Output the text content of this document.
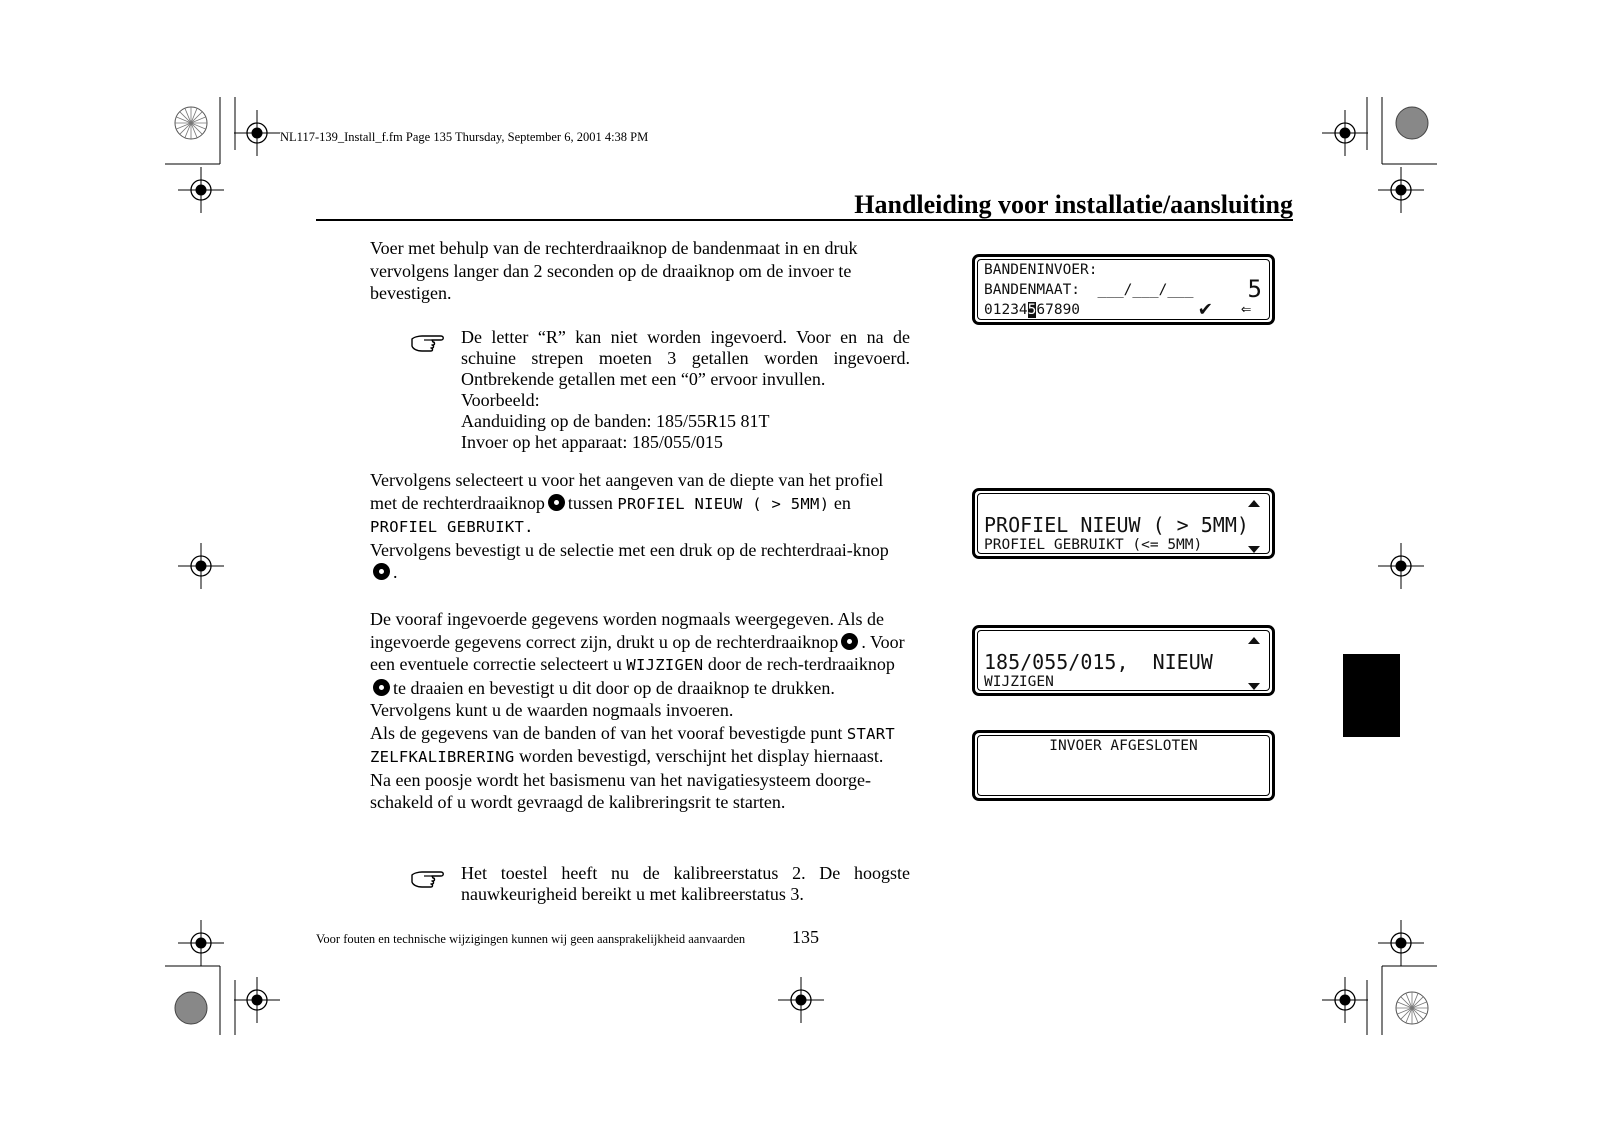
NL117-139_Install_f.fm Page 135 Thursday, September 6, 2001 4:38 PM
Handleiding voor installatie/aansluiting
Voer met behulp van de rechterdraaiknop de bandenmaat in en druk vervolgens langer dan 2 seconden op de draaiknop om de invoer te bevestigen.
De letter “R” kan niet worden ingevoerd. Voor en na de
schuine strepen moeten 3 getallen worden ingevoerd.
Ontbrekende getallen met een “0” ervoor invullen.
Voorbeeld:
Aanduiding op de banden: 185/55R15 81T
Invoer op het apparaat: 185/055/015
Vervolgens selecteert u voor het aangeven van de diepte van het profiel met de rechterdraaiknop tussen PROFIEL NIEUW ( > 5MM) en PROFIEL GEBRUIKT.
Vervolgens bevestigt u de selectie met een druk op de rechterdraai-knop.
De vooraf ingevoerde gegevens worden nogmaals weergegeven. Als de ingevoerde gegevens correct zijn, drukt u op de rechterdraaiknop . Voor een eventuele correctie selecteert u WIJZIGEN door de rech-terdraaiknopte draaien en bevestigt u dit door op de draaiknop te drukken. Vervolgens kunt u de waarden nogmaals invoeren.
Als de gegevens van de banden of van het vooraf bevestigde punt START ZELFKALIBRERING worden bevestigd, verschijnt het display hiernaast.
Na een poosje wordt het basismenu van het navigatiesysteem doorge-schakeld of u wordt gevraagd de kalibreringsrit te starten.
Het toestel heeft nu de kalibreerstatus 2. De hoogste
nauwkeurigheid bereikt u met kalibreerstatus 3.
BANDENINVOER:
BANDENMAAT:  ___/___/___ 5
01234567890	✔ ⇐
PROFIEL NIEUW ( > 5MM)
PROFIEL GEBRUIKT (<= 5MM)
185/055/015,  NIEUW
WIJZIGEN
INVOER AFGESLOTEN
Voor fouten en technische wijzigingen kunnen wij geen aansprakelijkheid aanvaarden	135
